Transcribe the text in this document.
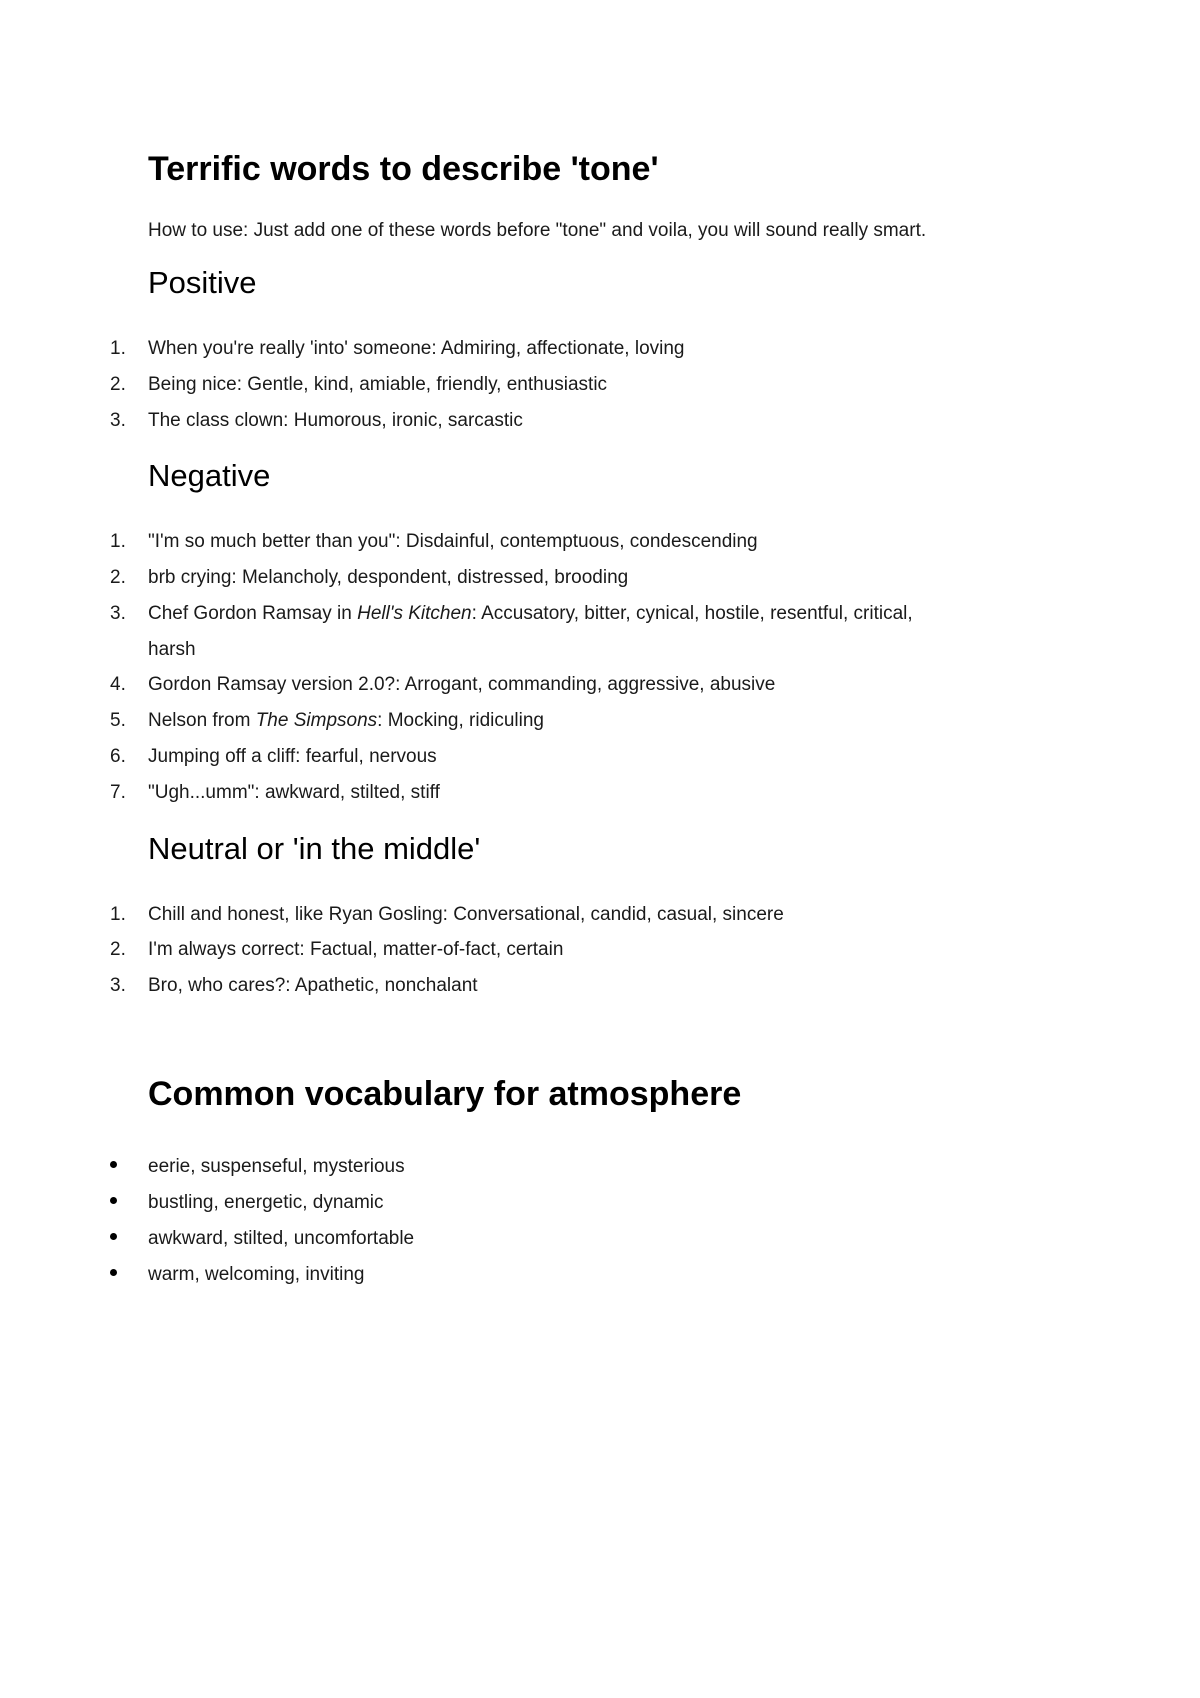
Terrific words to describe 'tone'
How to use: Just add one of these words before "tone" and voila, you will sound really smart.
Positive
1. When you're really 'into' someone: Admiring, affectionate, loving
2. Being nice: Gentle, kind, amiable, friendly, enthusiastic
3. The class clown: Humorous, ironic, sarcastic
Negative
1. "I'm so much better than you": Disdainful, contemptuous, condescending
2. brb crying: Melancholy, despondent, distressed, brooding
3. Chef Gordon Ramsay in Hell's Kitchen: Accusatory, bitter, cynical, hostile, resentful, critical,
harsh
4. Gordon Ramsay version 2.0?: Arrogant, commanding, aggressive, abusive
5. Nelson from The Simpsons: Mocking, ridiculing
6. Jumping off a cliff: fearful, nervous
7. "Ugh...umm": awkward, stilted, stiff
Neutral or 'in the middle'
1. Chill and honest, like Ryan Gosling: Conversational, candid, casual, sincere
2. I'm always correct: Factual, matter-of-fact, certain
3. Bro, who cares?: Apathetic, nonchalant
Common vocabulary for atmosphere
eerie, suspenseful, mysterious
bustling, energetic, dynamic
awkward, stilted, uncomfortable
warm, welcoming, inviting
